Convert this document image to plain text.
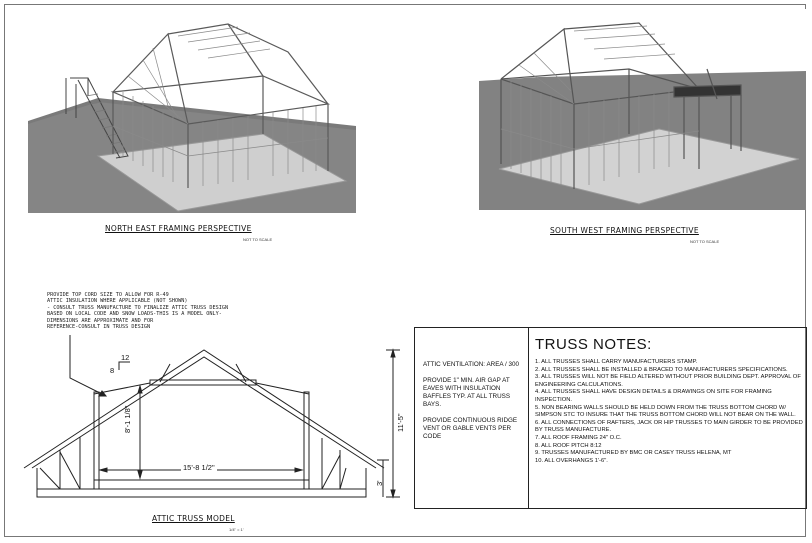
NORTH EAST FRAMING PERSPECTIVE
NOT TO SCALE
SOUTH WEST FRAMING PERSPECTIVE
NOT TO SCALE
PROVIDE TOP CORD SIZE TO ALLOW FOR R-49
ATTIC INSULATION WHERE APPLICABLE (NOT SHOWN)
- CONSULT TRUSS MANUFACTURE TO FINALIZE ATTIC TRUSS DESIGN
BASED ON LOCAL CODE AND SNOW LOADS-THIS IS A MODEL ONLY-
DIMENSIONS ARE APPROXIMATE AND FOR
REFERENCE-CONSULT IN TRUSS DESIGN
8
12
8'-1 1/8"
15'-8 1/2"
11'-5"
3'
ATTIC TRUSS MODEL
1/4" = 1'

ATTIC VENTILATION: AREA / 300

PROVIDE 1" MIN. AIR GAP AT EAVES WITH INSULATION BAFFLES TYP. AT ALL TRUSS BAYS.

PROVIDE CONTINUOUS RIDGE VENT OR GABLE VENTS PER CODE

TRUSS NOTES:
1. ALL TRUSSES SHALL CARRY MANUFACTURERS STAMP.
2. ALL TRUSSES SHALL BE INSTALLED & BRACED TO MANUFACTURERS SPECIFICATIONS.
3. ALL TRUSSES WILL NOT BE FIELD ALTERED WITHOUT PRIOR BUILDING DEPT. APPROVAL OF ENGINEERING CALCULATIONS.
4. ALL TRUSSES SHALL HAVE DESIGN DETAILS & DRAWINGS ON SITE FOR FRAMING INSPECTION.
5. NON BEARING WALLS SHOULD BE HELD DOWN FROM THE TRUSS BOTTOM CHORD W/ SIMPSON STC TO INSURE THAT THE TRUSS BOTTOM CHORD WILL NOT BEAR ON THE WALL.
6. ALL CONNECTIONS OF RAFTERS, JACK OR HIP TRUSSES TO MAIN GIRDER TO BE PROVIDED BY TRUSS MANUFACTURE.
7. ALL ROOF FRAMING 24" O.C.
8. ALL ROOF PITCH 8:12
9. TRUSSES MANUFACTURED BY BMC OR CASEY TRUSS HELENA, MT
10. ALL OVERHANGS 1'-6".
